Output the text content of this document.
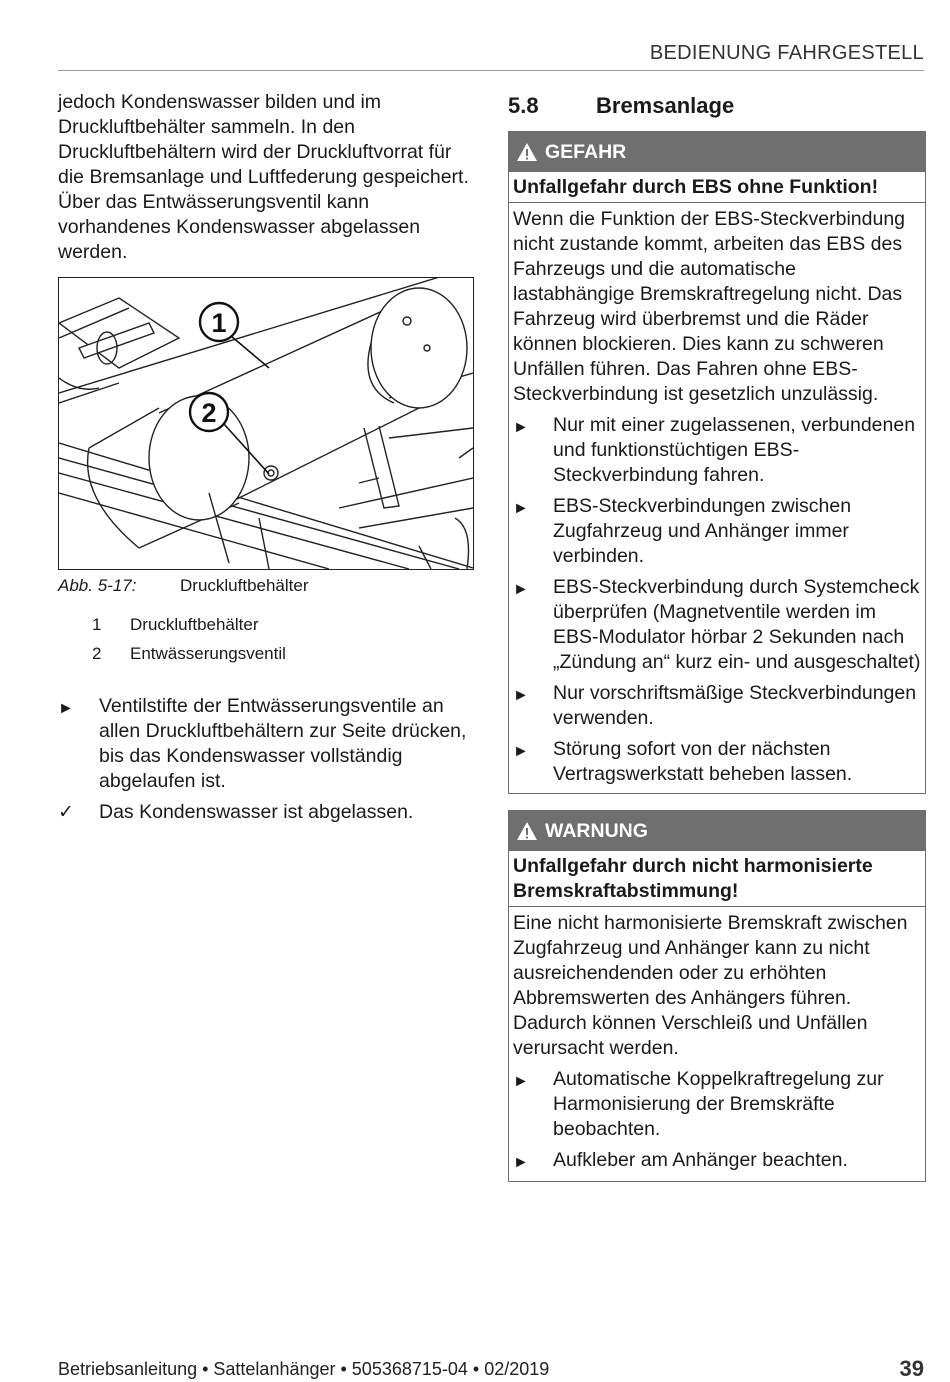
BEDIENUNG FAHRGESTELL

jedoch Kondenswasser bilden und im Druckluftbehälter sammeln. In den Druckluftbehältern wird der Druckluftvorrat für die Bremsanlage und Luftfederung gespeichert. Über das Entwässerungsventil kann vorhandenes Kondenswasser abgelassen werden.

1
2
Abb. 5-17:	Druckluftbehälter
1	Druckluftbehälter
2	Entwässerungsventil
►	Ventilstifte der Entwässerungsventile an allen Druckluftbehältern zur Seite drücken, bis das Kondenswasser vollständig abgelaufen ist.
✓	Das Kondenswasser ist abgelassen.
5.8	Bremsanlage
GEFAHR
Unfallgefahr durch EBS ohne Funktion!

Wenn die Funktion der EBS-Steckverbindung nicht zustande kommt, arbeiten das EBS des Fahrzeugs und die automatische lastabhängige Bremskraftregelung nicht. Das Fahrzeug wird überbremst und die Räder können blockieren. Dies kann zu schweren Unfällen führen. Das Fahren ohne EBS-Steckverbindung ist gesetzlich unzulässig.

►	Nur mit einer zugelassenen, verbundenen und funktionstüchtigen EBS-Steckverbindung fahren.
►	EBS-Steckverbindungen zwischen Zugfahrzeug und Anhänger immer verbinden.
►	EBS-Steckverbindung durch Systemcheck überprüfen (Magnetventile werden im EBS-Modulator hörbar 2 Sekunden nach „Zündung an“ kurz ein- und ausgeschaltet)
►	Nur vorschriftsmäßige Steckverbindungen verwenden.
►	Störung sofort von der nächsten Vertragswerkstatt beheben lassen.
WARNUNG
Unfallgefahr durch nicht harmonisierte Bremskraftabstimmung!

Eine nicht harmonisierte Bremskraft zwischen Zugfahrzeug und Anhänger kann zu nicht ausreichendenden oder zu erhöhten Abbremswerten des Anhängers führen. Dadurch können Verschleiß und Unfällen verursacht werden.

►	Automatische Koppelkraftregelung zur Harmonisierung der Bremskräfte beobachten.
►	Aufkleber am Anhänger beachten.
Betriebsanleitung • Sattelanhänger • 505368715-04 • 02/2019	39
